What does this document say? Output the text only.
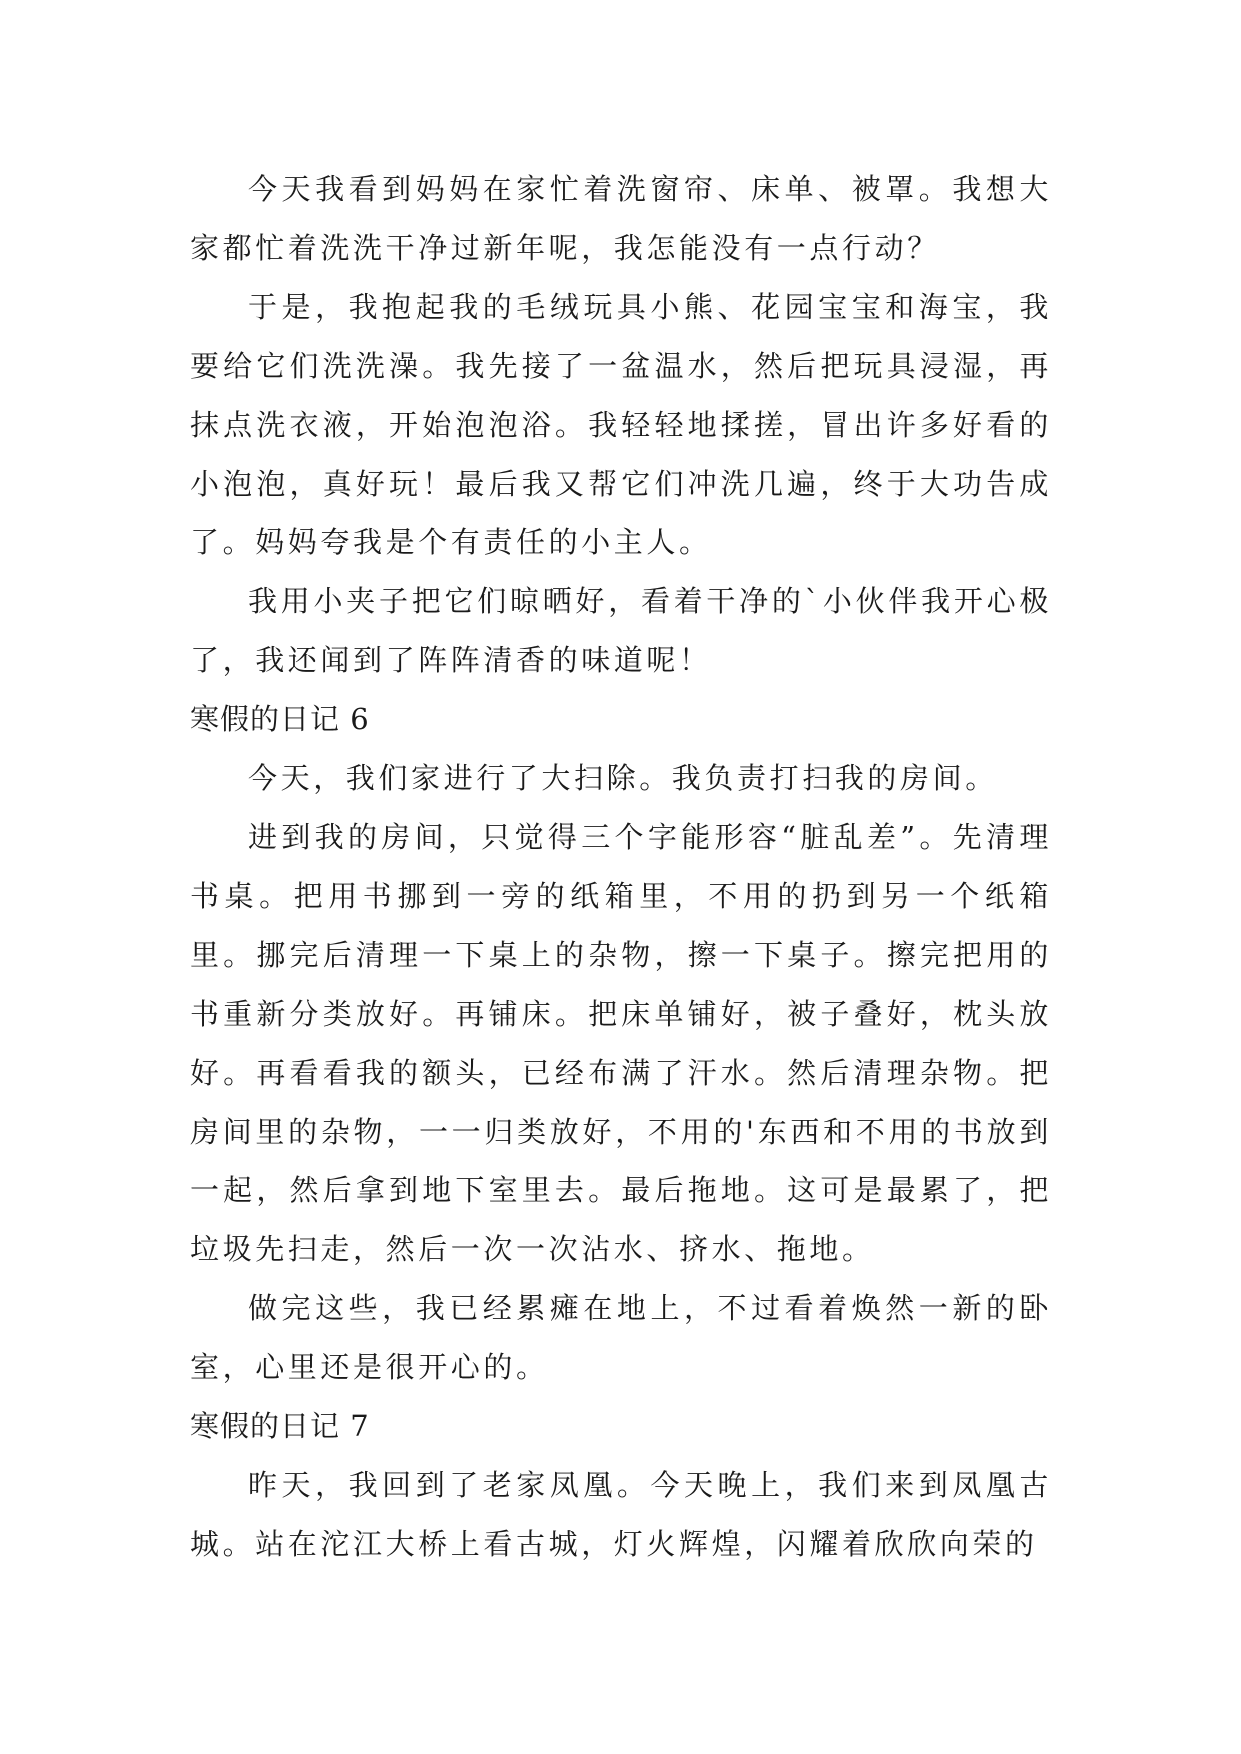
今天我看到妈妈在家忙着洗窗帘、床单、被罩。我想大家都忙着洗洗干净过新年呢，我怎能没有一点行动？

于是，我抱起我的毛绒玩具小熊、花园宝宝和海宝，我要给它们洗洗澡。我先接了一盆温水，然后把玩具浸湿，再抹点洗衣液，开始泡泡浴。我轻轻地揉搓，冒出许多好看的小泡泡，真好玩！最后我又帮它们冲洗几遍，终于大功告成了。妈妈夸我是个有责任的小主人。

我用小夹子把它们晾晒好，看着干净的`小伙伴我开心极了，我还闻到了阵阵清香的味道呢！

寒假的日记 6

今天，我们家进行了大扫除。我负责打扫我的房间。

进到我的房间，只觉得三个字能形容“脏乱差”。先清理书桌。把用书挪到一旁的纸箱里，不用的扔到另一个纸箱里。挪完后清理一下桌上的杂物，擦一下桌子。擦完把用的书重新分类放好。再铺床。把床单铺好，被子叠好，枕头放好。再看看我的额头，已经布满了汗水。然后清理杂物。把房间里的杂物，一一归类放好，不用的'东西和不用的书放到一起，然后拿到地下室里去。最后拖地。这可是最累了，把垃圾先扫走，然后一次一次沾水、挤水、拖地。

做完这些，我已经累瘫在地上，不过看着焕然一新的卧室，心里还是很开心的。

寒假的日记 7

昨天，我回到了老家凤凰。今天晚上，我们来到凤凰古城。站在沱江大桥上看古城，灯火辉煌，闪耀着欣欣向荣的
